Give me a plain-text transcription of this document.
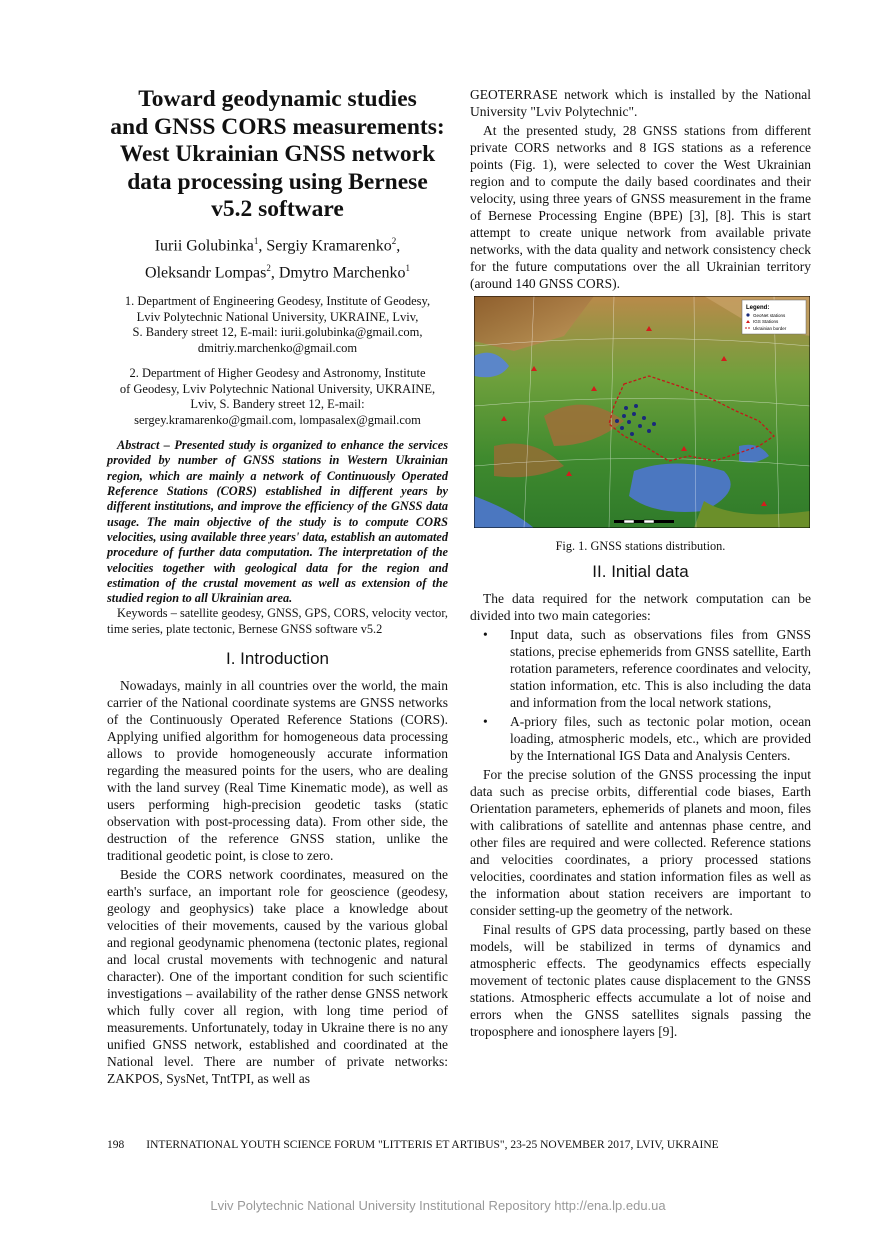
Toward geodynamic studies
and GNSS CORS measurements:
West Ukrainian GNSS network
data processing using Bernese
v5.2 software
Iurii Golubinka$^1$, Sergiy Kramarenko$^2$,
Oleksandr Lompas$^2$, Dmytro Marchenko$^1$
1. Department of Engineering Geodesy, Institute of Geodesy,
Lviv Polytechnic National University, UKRAINE, Lviv,
S. Bandery street 12, E-mail: iurii.golubinka@gmail.com,
dmitriy.marchenko@gmail.com
2. Department of Higher Geodesy and Astronomy, Institute
of Geodesy, Lviv Polytechnic National University, UKRAINE,
Lviv, S. Bandery street 12, E-mail:
sergey.kramarenko@gmail.com, lompasalex@gmail.com

Abstract – Presented study is organized to enhance the services provided by number of GNSS stations in Western Ukrainian region, which are mainly a network of Continuously Operated Reference Stations (CORS) established in different years by different institutions, and improve the efficiency of the GNSS data usage. The main objective of the study is to compute CORS velocities, using available three years' data, establish an automated procedure of further data computation. The interpretation of the velocities together with geological data for the region and estimation of the crustal movement as well as extension of the studied region to all Ukrainian area.

Keywords – satellite geodesy, GNSS, GPS, CORS, velocity vector, time series, plate tectonic, Bernese GNSS software v5.2

I. Introduction

Nowadays, mainly in all countries over the world, the main carrier of the National coordinate systems are GNSS networks of the Continuously Operated Reference Stations (CORS). Applying unified algorithm for homogeneous data processing allows to provide homogeneously accurate information regarding the measured points for the users, who are dealing with the land survey (Real Time Kinematic mode), as well as users performing high-precision geodetic tasks (static observation with post-processing data). From other side, the destruction of the reference GNSS station, unlike the traditional geodetic point, is close to zero.

Beside the CORS network coordinates, measured on the earth's surface, an important role for geoscience (geodesy, geology and geophysics) take place a knowledge about velocities of their movements, caused by the various global and regional geodynamic phenomena (tectonic plates, regional and local crustal movements with technogenic and natural character). One of the important condition for such scientific investigations – availability of the rather dense GNSS network which fully cover all region, with long time period of measurements. Unfortunately, today in Ukraine there is no any unified GNSS network, established and coordinated at the National level. There are number of private networks: ZAKPOS, SysNet, TntTPI, as well as

GEOTERRASE network which is installed by the National University "Lviv Polytechnic".

At the presented study, 28 GNSS stations from different private CORS networks and 8 IGS stations as a reference points (Fig. 1), were selected to cover the West Ukrainian region and to compute the daily based coordinates and their velocity, using three years of GNSS measurement in the frame of Bernese Processing Engine (BPE) [3], [8]. This is start attempt to create unique network from available private networks, with the data quality and network consistency check for the future computations over the all Ukrainian territory (around 140 GNSS CORS).

Legend:
GeoNet stations
IGS Stations
Ukrainian border
Fig. 1. GNSS stations distribution.
II. Initial data

The data required for the network computation can be divided into two main categories:

• Input data, such as observations files from GNSS stations, precise ephemerids from GNSS satellite, Earth rotation parameters, reference coordinates and velocity, station information, etc. This is also including the data and information from the local network stations,
• A-priory files, such as tectonic polar motion, ocean loading, atmospheric models, etc., which are provided by the International IGS Data and Analysis Centers.

For the precise solution of the GNSS processing the input data such as precise orbits, differential code biases, Earth Orientation parameters, ephemerids of planets and moon, files with calibrations of satellite and antennas phase centre, and other files are required and were collected. Reference stations and velocities coordinates, a priory processed stations velocities, coordinates and station information files as well as the information about station receivers are important to consider setting-up the geometry of the network.

Final results of GPS data processing, partly based on these models, will be stabilized in terms of dynamics and atmospheric effects. The geodynamics effects especially movement of tectonic plates cause displacement to the GNSS stations. Atmospheric effects accumulate a lot of noise and errors when the GNSS satellites signals passing the troposphere and ionosphere layers [9].

198 INTERNATIONAL YOUTH SCIENCE FORUM "LITTERIS ET ARTIBUS", 23-25 NOVEMBER 2017, LVIV, UKRAINE
Lviv Polytechnic National University Institutional Repository http://ena.lp.edu.ua
